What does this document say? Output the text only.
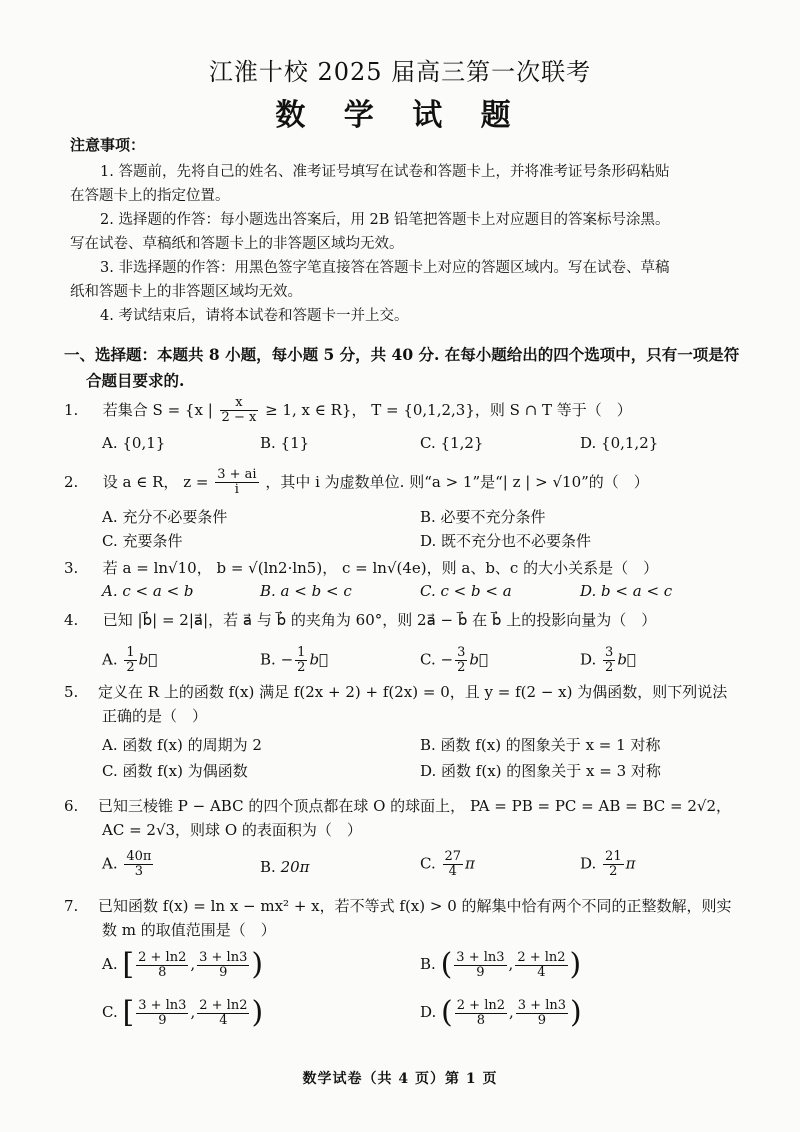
江淮十校 2025 届高三第一次联考
数 学 试 题
注意事项：
1. 答题前，先将自己的姓名、准考证号填写在试卷和答题卡上，并将准考证号条形码粘贴
在答题卡上的指定位置。
2. 选择题的作答：每小题选出答案后，用 2B 铅笔把答题卡上对应题目的答案标号涂黑。
写在试卷、草稿纸和答题卡上的非答题区域均无效。
3. 非选择题的作答：用黑色签字笔直接答在答题卡上对应的答题区域内。写在试卷、草稿
纸和答题卡上的非答题区域均无效。
4. 考试结束后，请将本试卷和答题卡一并上交。
一、选择题：本题共 8 小题，每小题 5 分，共 40 分. 在每小题给出的四个选项中，只有一项是符
合题目要求的.
1. 若集合 S = {x | $\frac{x}{2 - x} \ge 1$, x ∈ R}， T = {0,1,2,3}，则 S ∩ T 等于（　）
A. {0,1}	B. {1}	C. {1,2}	D. {0,1,2}
2. 设 a ∈ R， $z = \frac{3 + ai}{i}$ ，其中 i 为虚数单位. 则“a > 1”是“| z | > √10”的（　）
A. 充分不必要条件	B. 必要不充分条件
C. 充要条件	D. 既不充分也不必要条件
3. 若 a = ln√10， b = √(ln2·ln5)， c = ln√(4e)，则 a、b、c 的大小关系是（　）
A. c < a < b	B. a < b < c	C. c < b < a	D. b < a < c
4. 已知 |b⃗| = 2|a⃗|，若 a⃗ 与 b⃗ 的夹角为 60°，则 2a⃗ − b⃗ 在 b⃗ 上的投影向量为（　）
A. $\frac{1}{2}$ b⃗	B. − $\frac{1}{2}$ b⃗	C. − $\frac{3}{2}$ b⃗	D. $\frac{3}{2}$ b⃗
5. 定义在 R 上的函数 f(x) 满足 f(2x + 2) + f(2x) = 0，且 y = f(2 − x) 为偶函数，则下列说法
正确的是（　）
A. 函数 f(x) 的周期为 2	B. 函数 f(x) 的图象关于 x = 1 对称
C. 函数 f(x) 为偶函数	D. 函数 f(x) 的图象关于 x = 3 对称
6. 已知三棱锥 P − ABC 的四个顶点都在球 O 的球面上， PA = PB = PC = AB = BC = 2√2，
AC = 2√3，则球 O 的表面积为（　）
A. $\frac{40\pi}{3}$	B. 20π	C. $\frac{27}{4}$ π	D. $\frac{21}{2}$ π
7. 已知函数 f(x) = ln x − mx² + x，若不等式 f(x) > 0 的解集中恰有两个不同的正整数解，则实
数 m 的取值范围是（　）
A. [ $\frac{2 + \ln 2}{8}$ , $\frac{3 + \ln 3}{9}$ )	B. ( $\frac{3 + \ln 3}{9}$ , $\frac{2 + \ln 2}{4}$ )
C. [ $\frac{3 + \ln 3}{9}$ , $\frac{2 + \ln 2}{4}$ )	D. ( $\frac{2 + \ln 2}{8}$ , $\frac{3 + \ln 3}{9}$ )
数学试卷（共 4 页）第 1 页
